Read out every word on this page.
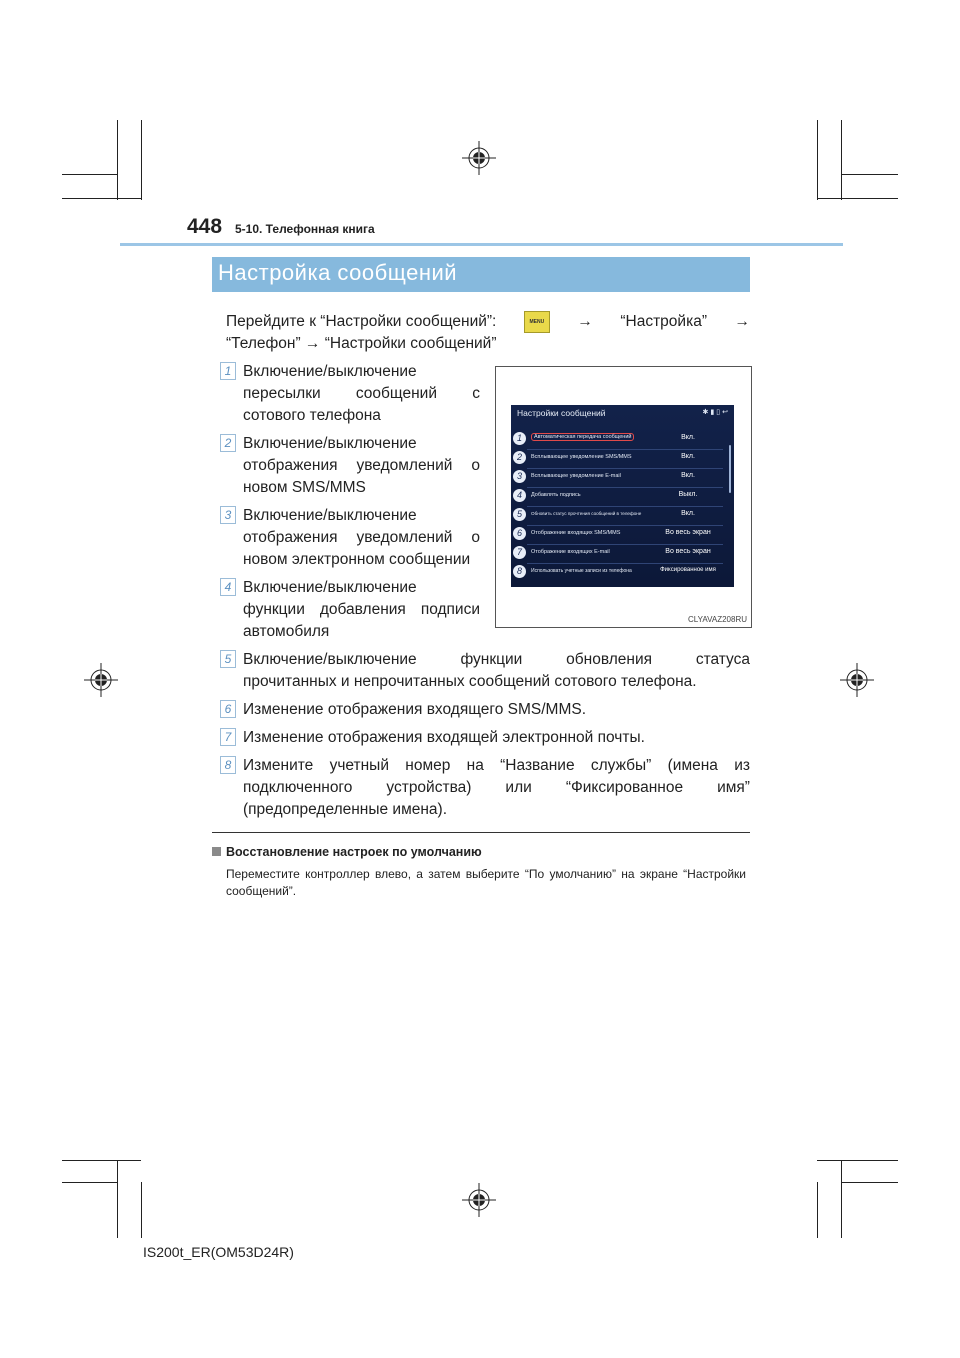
448 5-10. Телефонная книга
Настройка сообщений
Перейдите к “Настройки сообщений”:	MENU	→ “Настройка” →
“Телефон” → “Настройки сообщений”
1 Включение/выключение
пересылки сообщений с
сотового телефона
2 Включение/выключение
отображения уведомлений о
новом SMS/MMS
3 Включение/выключение
отображения уведомлений о
новом электронном сообщении
4 Включение/выключение
функции добавления подписи
автомобиля
5 Включение/выключение	функции	обновления	статуса
прочитанных и непрочитанных сообщений сотового телефона.
6 Изменение отображения входящего SMS/MMS.
7 Изменение отображения входящей электронной почты.
8 Измените учетный номер на “Название службы” (имена из
подключенного устройства) или “Фиксированное имя”
(предопределенные имена).
Настройки сообщений	✱▮▯↩
1	Автоматическая передача сообщений	Вкл.
2	Всплывающее уведомление SMS/MMS	Вкл.
3	Всплывающее уведомление E-mail	Вкл.
4	Добавлять подпись	Выкл.
5	Обновить статус прочтения сообщений в телефоне	Вкл.
6	Отображение входящих SMS/MMS	Во весь экран
7	Отображение входящих E-mail	Во весь экран
8	Использовать учетные записи из телефона	Фиксированное имя
CLYAVAZ208RU
Восстановление настроек по умолчанию
Переместите контроллер влево, а затем выберите “По умолчанию” на экране “Настройки сообщений”.
IS200t_ER(OM53D24R)
